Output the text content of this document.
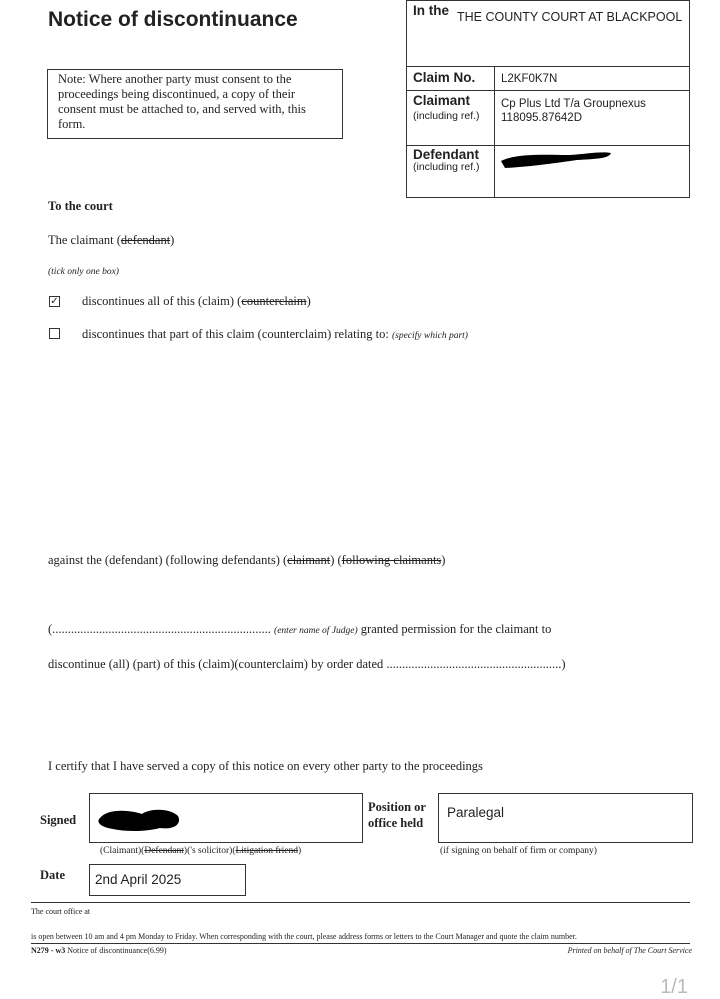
Notice of discontinuance
Note: Where another party must consent to the proceedings being discontinued, a copy of their consent must be attached to, and served with, this form.
In the THE COUNTY COURT AT BLACKPOOL
Claim No. L2KF0K7N
Claimant
(including ref.)
Cp Plus Ltd T/a Groupnexus
118095.87642D
Defendant
(including ref.)
To the court
The claimant (defendant)
(tick only one box)
✓ discontinues all of this (claim) (counterclaim)
discontinues that part of this claim (counterclaim) relating to: (specify which part)
against the (defendant) (following defendants) (claimant) (following claimants)
(...................................................................... (enter name of Judge) granted permission for the claimant to
discontinue (all) (part) of this (claim)(counterclaim) by order dated ........................................................)
I certify that I have served a copy of this notice on every other party to the proceedings
Signed
(Claimant)(Defendant)('s solicitor)(Litigation friend)
Position or
office held
Paralegal
(if signing on behalf of firm or company)
Date	2nd April 2025
The court office at
is open between 10 am and 4 pm Monday to Friday. When corresponding with the court, please address forms or letters to the Court Manager and quote the claim number.
N279 - w3 Notice of discontinuance(6.99)	Printed on behalf of The Court Service
1/1
